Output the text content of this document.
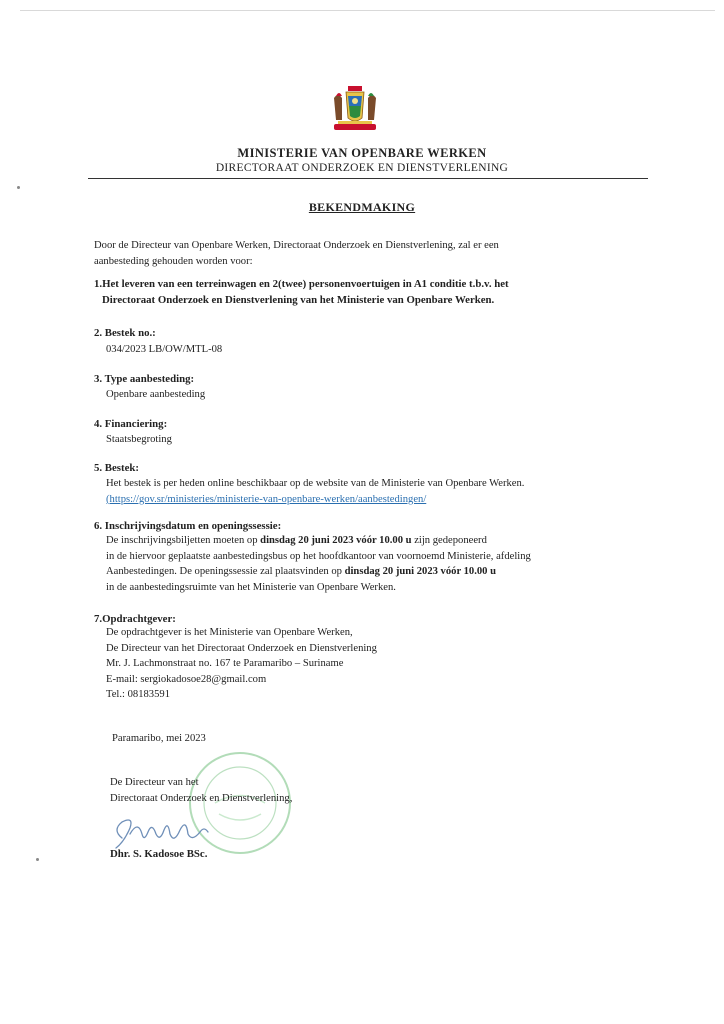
MINISTERIE VAN OPENBARE WERKEN
DIRECTORAAT ONDERZOEK EN DIENSTVERLENING
BEKENDMAKING
Door de Directeur van Openbare Werken, Directoraat Onderzoek en Dienstverlening, zal er een
aanbesteding gehouden worden voor:
1.Het leveren van een terreinwagen en 2(twee) personenvoertuigen in A1 conditie t.b.v. het
Directoraat Onderzoek en Dienstverlening van het Ministerie van Openbare Werken.
2. Bestek no.:
034/2023 LB/OW/MTL-08
3. Type aanbesteding:
Openbare aanbesteding
4. Financiering:
Staatsbegroting
5. Bestek:
Het bestek is per heden online beschikbaar op de website van de Ministerie van Openbare Werken.
(https://gov.sr/ministeries/ministerie-van-openbare-werken/aanbestedingen/
6. Inschrijvingsdatum en openingssessie:
De inschrijvingsbiljetten moeten op dinsdag 20 juni 2023 vóór 10.00 u zijn gedeponeerd
in de hiervoor geplaatste aanbestedingsbus op het hoofdkantoor van voornoemd Ministerie, afdeling
Aanbestedingen. De openingssessie zal plaatsvinden op dinsdag 20 juni 2023 vóór 10.00 u
in de aanbestedingsruimte van het Ministerie van Openbare Werken.
7.Opdrachtgever:
De opdrachtgever is het Ministerie van Openbare Werken,
De Directeur van het Directoraat Onderzoek en Dienstverlening
Mr. J. Lachmonstraat no. 167 te Paramaribo – Suriname
E-mail: sergiokadosoe28@gmail.com
Tel.: 08183591
Paramaribo, mei 2023
De Directeur van het
Directoraat Onderzoek en Dienstverlening,
Dhr. S. Kadosoe BSc.
